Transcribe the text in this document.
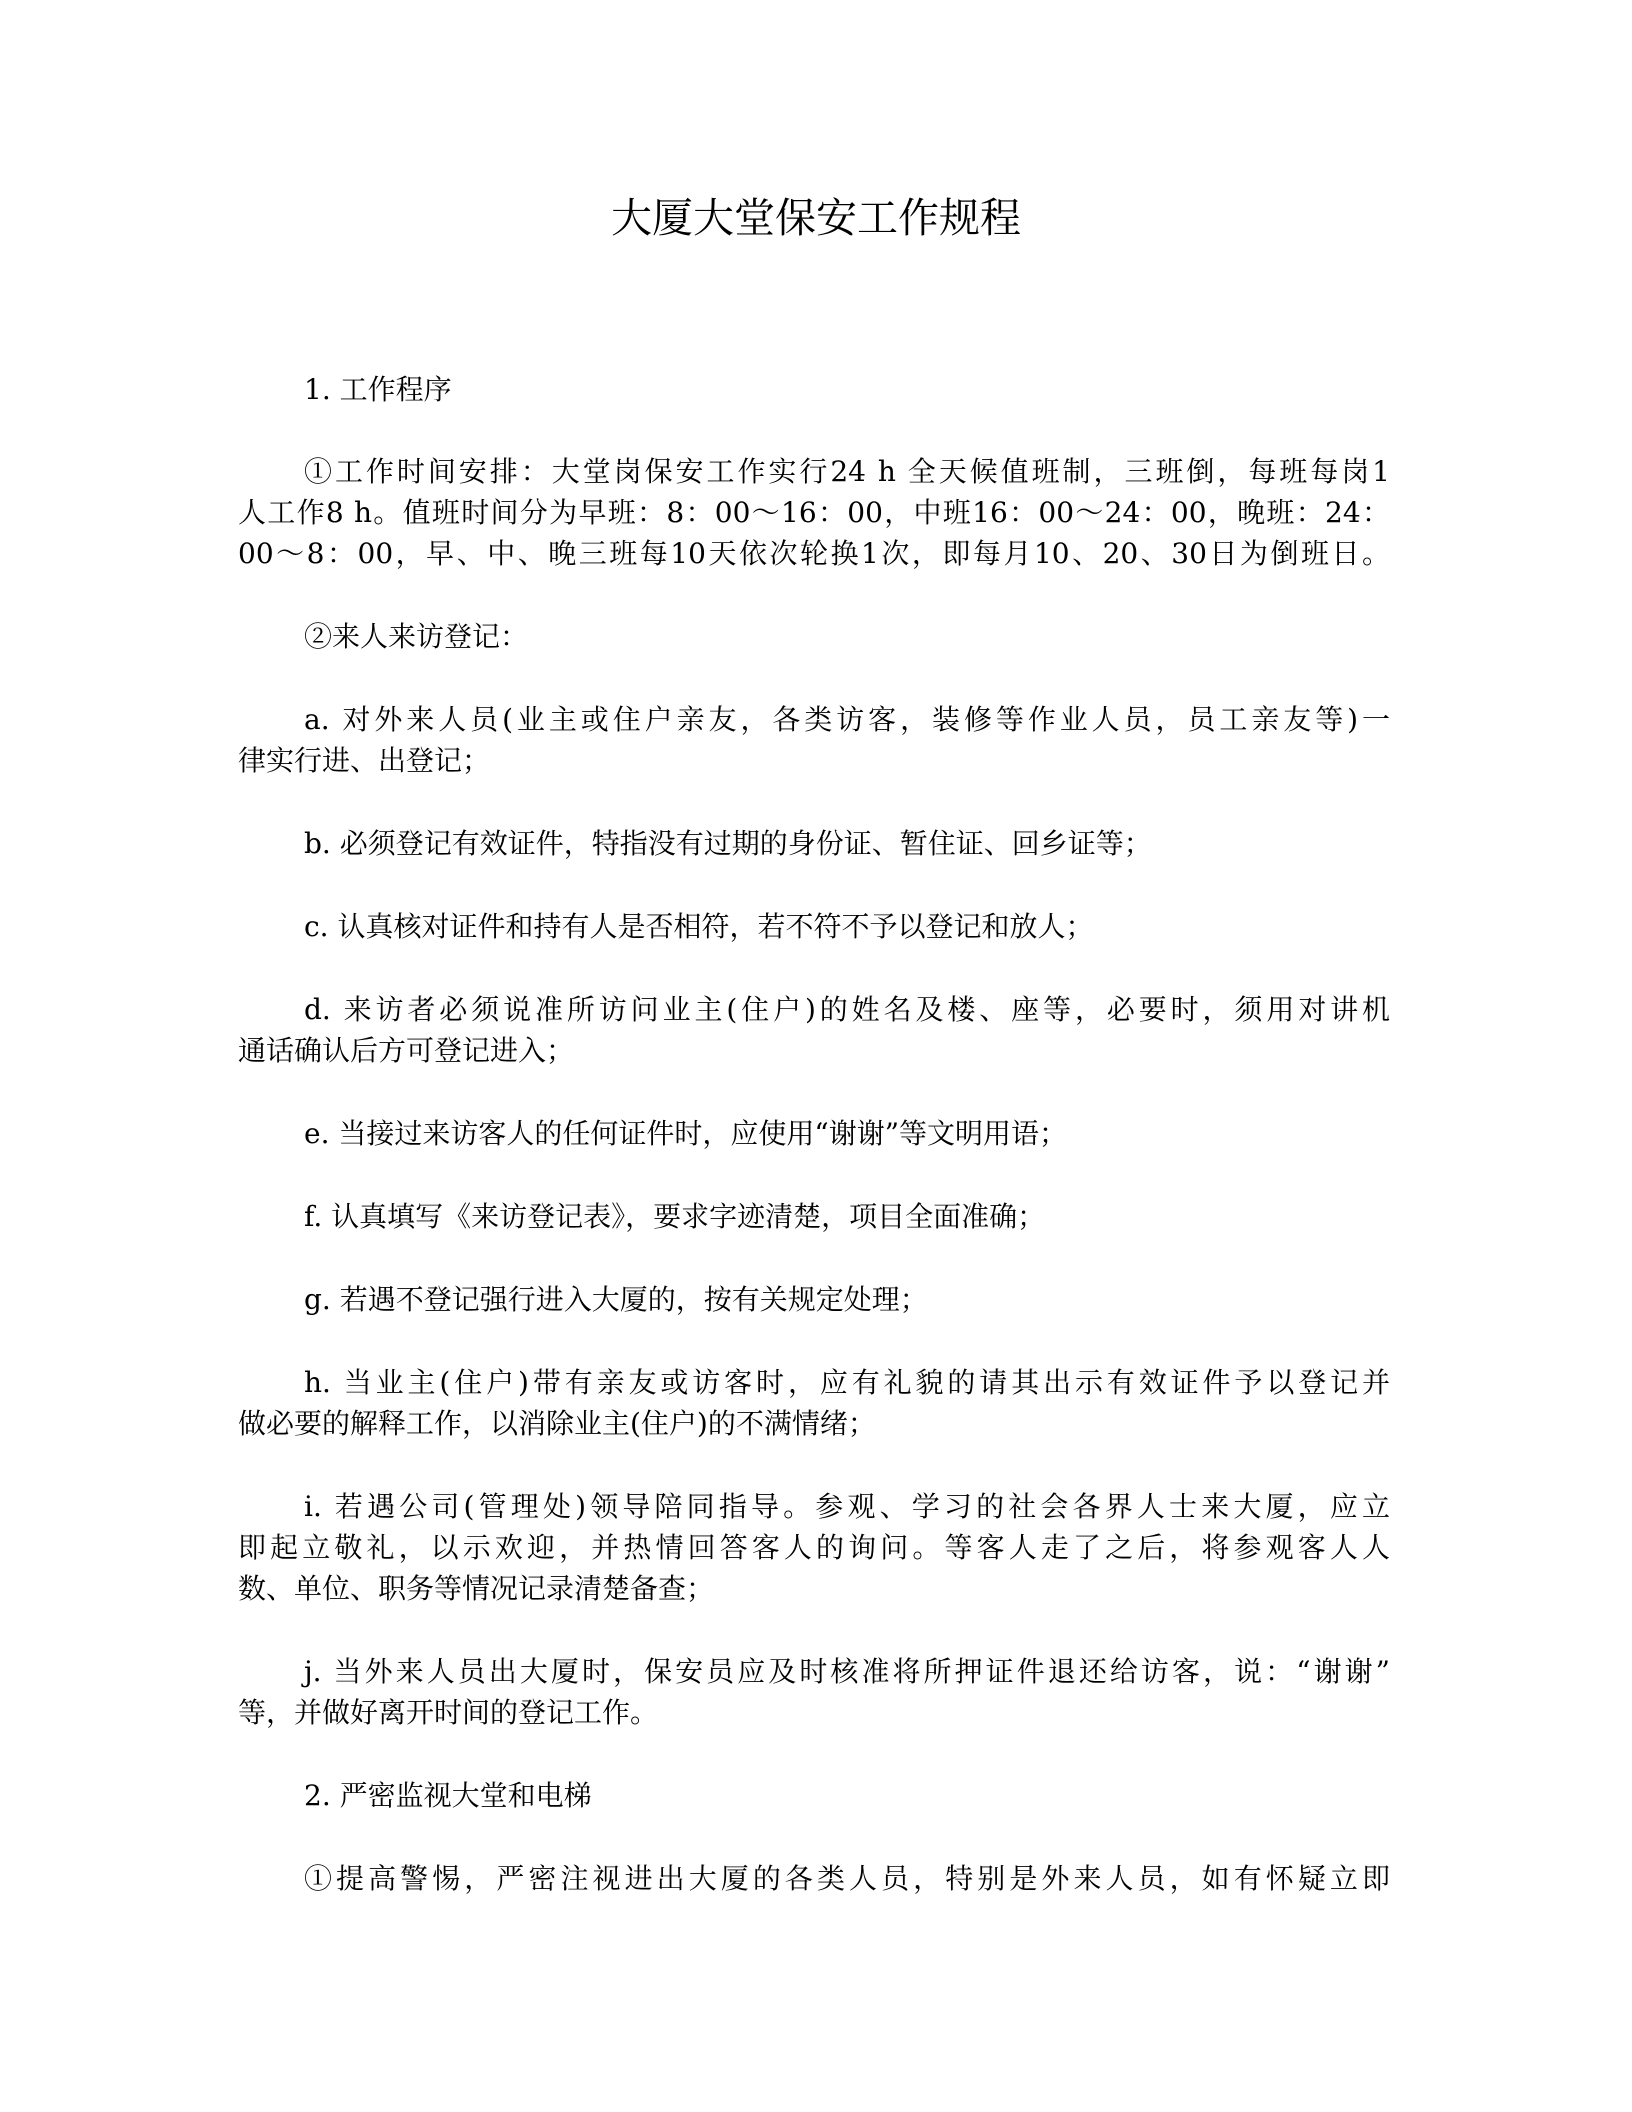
大厦大堂保安工作规程
1. 工作程序
①工作时间安排：大堂岗保安工作实行24 h 全天候值班制，三班倒，每班每岗1
人工作8 h。值班时间分为早班：8：00～16：00，中班16：00～24：00，晚班：24：
00～8：00，早、中、晚三班每10天依次轮换1次，即每月10、20、30日为倒班日。
②来人来访登记：
a. 对外来人员(业主或住户亲友，各类访客，装修等作业人员，员工亲友等)一
律实行进、出登记；
b. 必须登记有效证件，特指没有过期的身份证、暂住证、回乡证等；
c. 认真核对证件和持有人是否相符，若不符不予以登记和放人；
d. 来访者必须说准所访问业主(住户)的姓名及楼、座等，必要时，须用对讲机
通话确认后方可登记进入；
e. 当接过来访客人的任何证件时，应使用“谢谢”等文明用语；
f. 认真填写《来访登记表》，要求字迹清楚，项目全面准确；
g. 若遇不登记强行进入大厦的，按有关规定处理；
h. 当业主(住户)带有亲友或访客时，应有礼貌的请其出示有效证件予以登记并
做必要的解释工作，以消除业主(住户)的不满情绪；
i. 若遇公司(管理处)领导陪同指导。参观、学习的社会各界人士来大厦，应立
即起立敬礼，以示欢迎，并热情回答客人的询问。等客人走了之后，将参观客人人
数、单位、职务等情况记录清楚备查；
j. 当外来人员出大厦时，保安员应及时核准将所押证件退还给访客，说：“谢谢”
等，并做好离开时间的登记工作。
2. 严密监视大堂和电梯
①提高警惕，严密注视进出大厦的各类人员，特别是外来人员，如有怀疑立即
